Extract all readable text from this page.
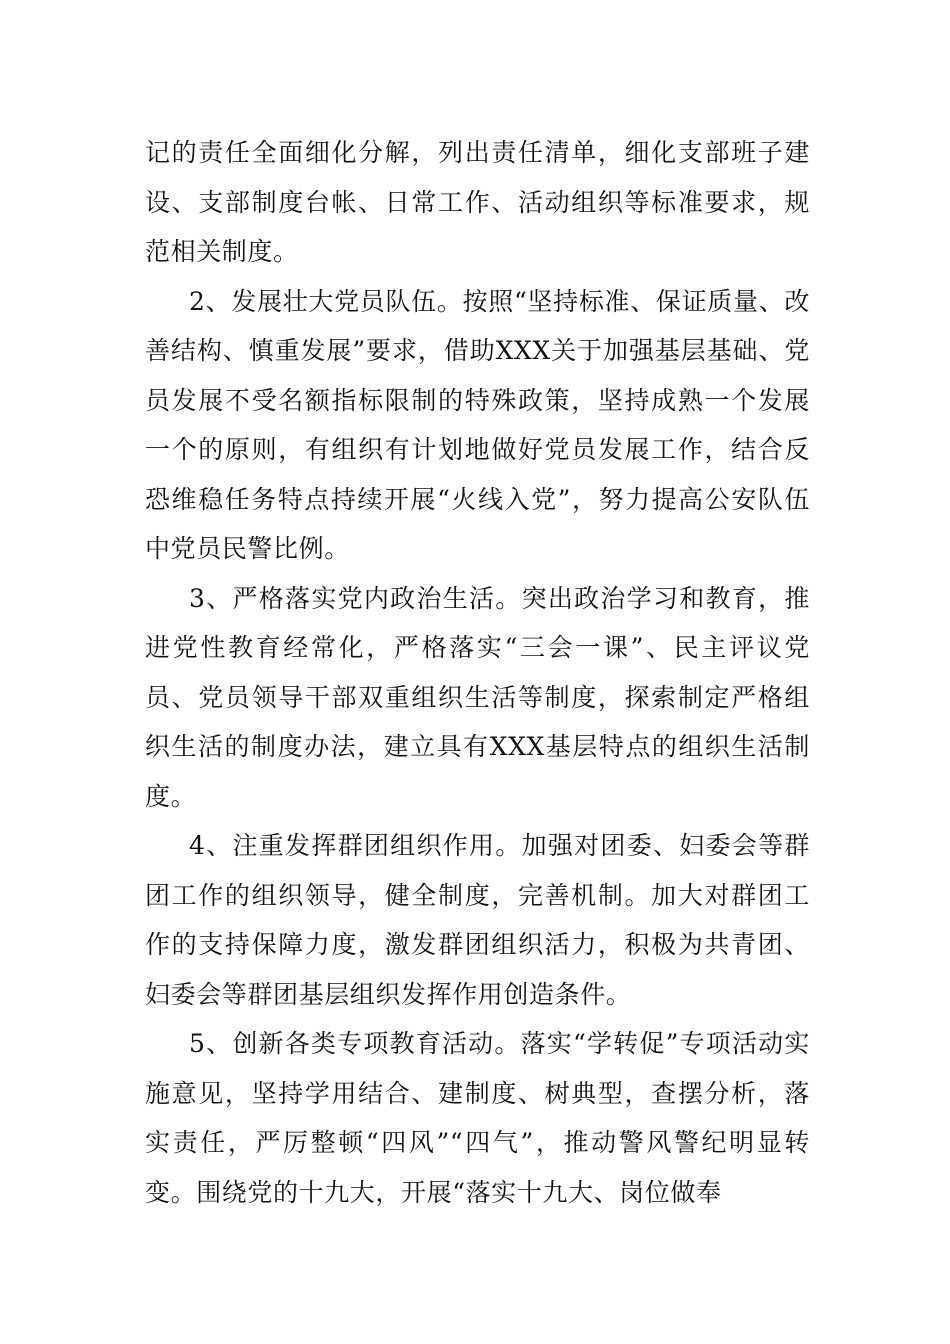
记的责任全面细化分解，列出责任清单，细化支部班子建设、支部制度台帐、日常工作、活动组织等标准要求，规范相关制度。

2、发展壮大党员队伍。按照“坚持标准、保证质量、改善结构、慎重发展”要求，借助XXX关于加强基层基础、党员发展不受名额指标限制的特殊政策，坚持成熟一个发展一个的原则，有组织有计划地做好党员发展工作，结合反恐维稳任务特点持续开展“火线入党”，努力提高公安队伍中党员民警比例。

3、严格落实党内政治生活。突出政治学习和教育，推进党性教育经常化，严格落实“三会一课”、民主评议党员、党员领导干部双重组织生活等制度，探索制定严格组织生活的制度办法，建立具有XXX基层特点的组织生活制度。

4、注重发挥群团组织作用。加强对团委、妇委会等群团工作的组织领导，健全制度，完善机制。加大对群团工作的支持保障力度，激发群团组织活力，积极为共青团、妇委会等群团基层组织发挥作用创造条件。

5、创新各类专项教育活动。落实“学转促”专项活动实施意见，坚持学用结合、建制度、树典型，查摆分析，落实责任，严厉整顿“四风”“四气”，推动警风警纪明显转变。围绕党的十九大，开展“落实十九大、岗位做奉
